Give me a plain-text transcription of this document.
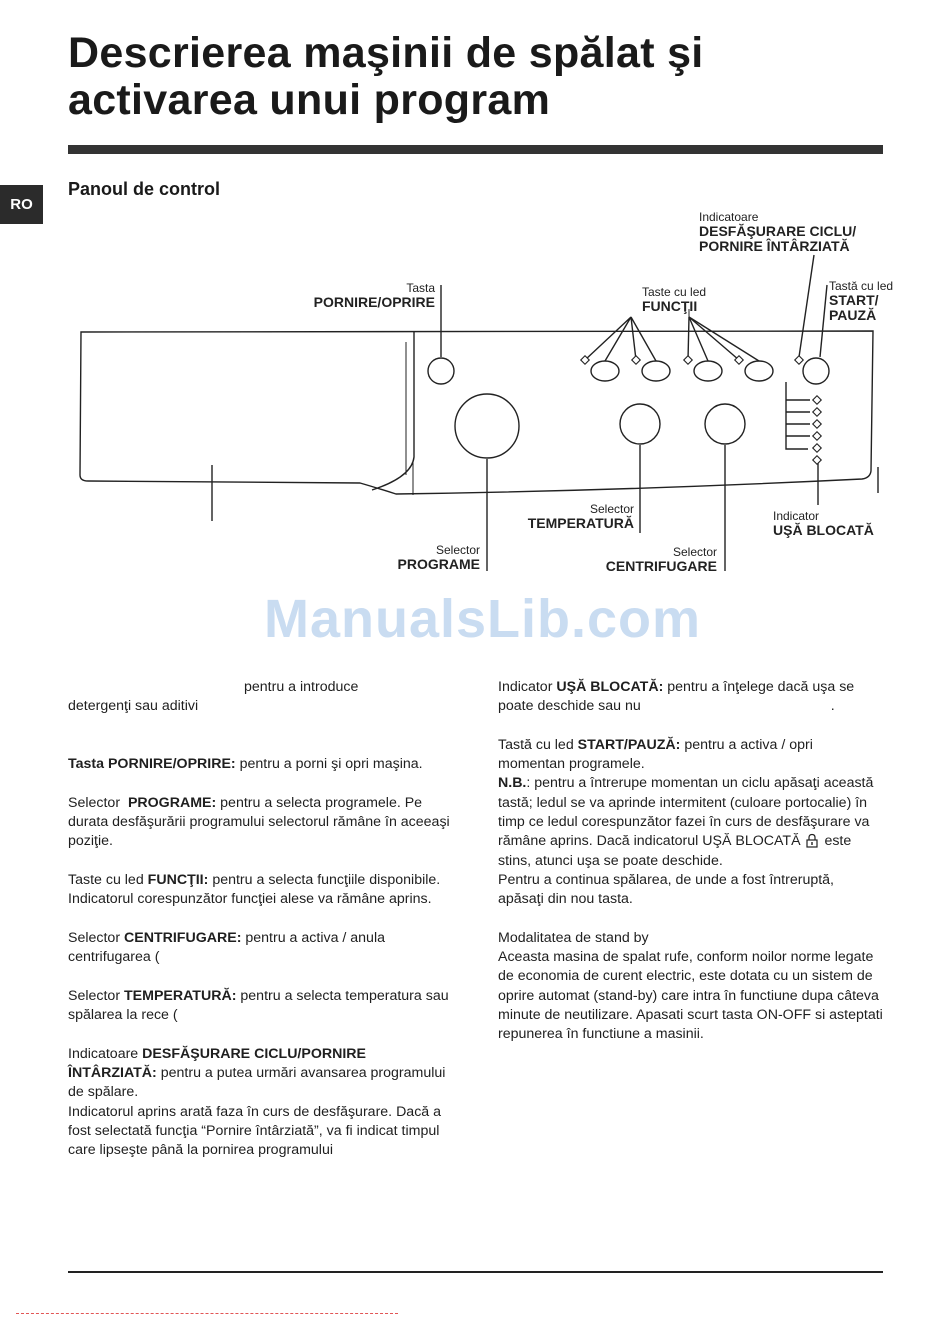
Descrierea maşinii de spălat şi
activarea unui program
RO
Panoul de control
Indicatoare
DESFĂŞURARE CICLU/
PORNIRE ÎNTÂRZIATĂ
Tasta
PORNIRE/OPRIRE
Taste cu led
FUNCŢII
Tastă cu led
START/
PAUZĂ
Selector
TEMPERATURĂ	Indicator
UŞĂ BLOCATĂ
Selector
PROGRAME
Selector
CENTRIFUGARE
ManualsLib.com

pentru a introduce
detergenţi sau aditivi

Tasta PORNIRE/OPRIRE: pentru a porni şi opri maşina.

Selector PROGRAME: pentru a selecta programele. Pe durata desfăşurării programului selectorul rămâne în aceeaşi poziţie.

Taste cu led FUNCŢII: pentru a selecta funcţiile disponibile. Indicatorul corespunzător funcţiei alese va rămâne aprins.

Selector CENTRIFUGARE: pentru a activa / anula centrifugarea (

Selector TEMPERATURĂ: pentru a selecta temperatura sau spălarea la rece (

Indicatoare DESFĂŞURARE CICLU/PORNIRE ÎNTÂRZIATĂ: pentru a putea urmări avansarea programului de spălare.
Indicatorul aprins arată faza în curs de desfăşurare. Dacă a fost selectată funcţia “Pornire întârziată”, va fi indicat timpul care lipseşte până la pornirea programului

Indicator UŞĂ BLOCATĂ: pentru a înţelege dacă uşa se poate deschide sau nu	.

Tastă cu led START/PAUZĂ: pentru a activa / opri momentan programele.
N.B.: pentru a întrerupe momentan un ciclu apăsaţi această tastă; ledul se va aprinde intermitent (culoare portocalie) în timp ce ledul corespunzător fazei în curs de desfăşurare va rămâne aprins. Dacă indicatorul UŞĂ BLOCATĂ este stins, atunci uşa se poate deschide.
Pentru a continua spălarea, de unde a fost întreruptă, apăsaţi din nou tasta.

Modalitatea de stand by
Aceasta masina de spalat rufe, conform noilor norme legate de economia de curent electric, este dotata cu un sistem de oprire automat (stand-by) care intra în functiune dupa câteva minute de neutilizare. Apasati scurt tasta ON-OFF si asteptati repunerea în functiune a masinii.
